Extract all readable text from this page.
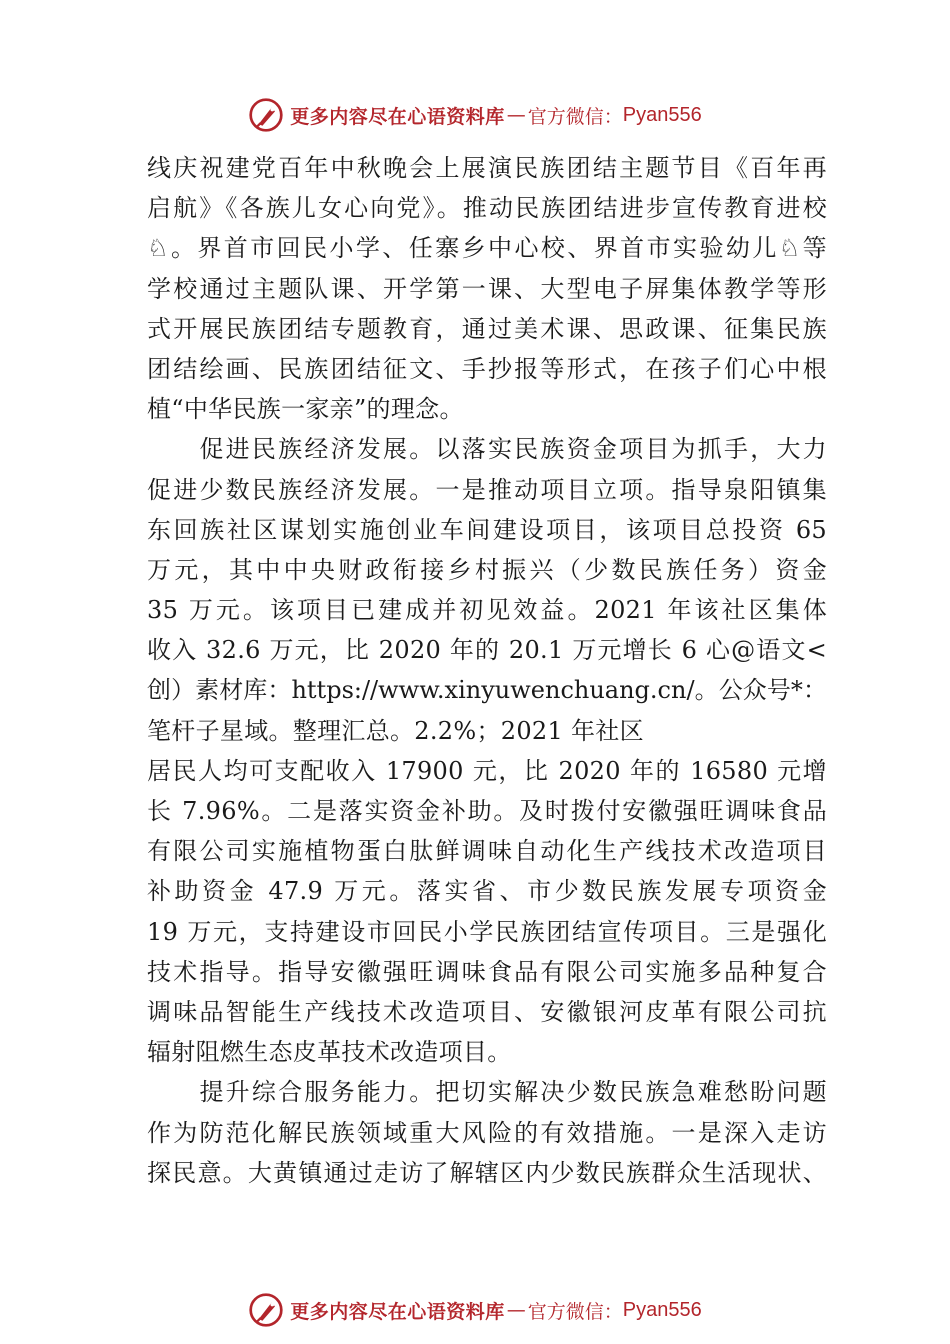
更多内容尽在心语资料库 — 官方微信： Pyan556
线庆祝建党百年中秋晚会上展演民族团结主题节目《百年再
启航》《各族儿女心向党》。推动民族团结进步宣传教育进校
♘。界首市回民小学、任寨乡中心校、界首市实验幼儿♘等
学校通过主题队课、开学第一课、大型电子屏集体教学等形
式开展民族团结专题教育，通过美术课、思政课、征集民族
团结绘画、民族团结征文、手抄报等形式，在孩子们心中根
植“中华民族一家亲”的理念。
　　促进民族经济发展。以落实民族资金项目为抓手，大力
促进少数民族经济发展。一是推动项目立项。指导泉阳镇集
东回族社区谋划实施创业车间建设项目，该项目总投资 65
万元，其中中央财政衔接乡村振兴（少数民族任务）资金
35 万元。该项目已建成并初见效益。2021 年该社区集体
收入 32.6 万元，比 2020 年的 20.1 万元增长 6 心@语文<
创）素材库：https://www.xinyuwenchuang.cn/。公众号*：
笔杆子星域。整理汇总。2.2%；2021 年社区
居民人均可支配收入 17900 元，比 2020 年的 16580 元增
长 7.96%。二是落实资金补助。及时拨付安徽强旺调味食品
有限公司实施植物蛋白肽鲜调味自动化生产线技术改造项目
补助资金 47.9 万元。落实省、市少数民族发展专项资金
19 万元，支持建设市回民小学民族团结宣传项目。三是强化
技术指导。指导安徽强旺调味食品有限公司实施多品种复合
调味品智能生产线技术改造项目、安徽银河皮革有限公司抗
辐射阻燃生态皮革技术改造项目。
　　提升综合服务能力。把切实解决少数民族急难愁盼问题
作为防范化解民族领域重大风险的有效措施。一是深入走访
探民意。大黄镇通过走访了解辖区内少数民族群众生活现状、
更多内容尽在心语资料库 — 官方微信： Pyan556
